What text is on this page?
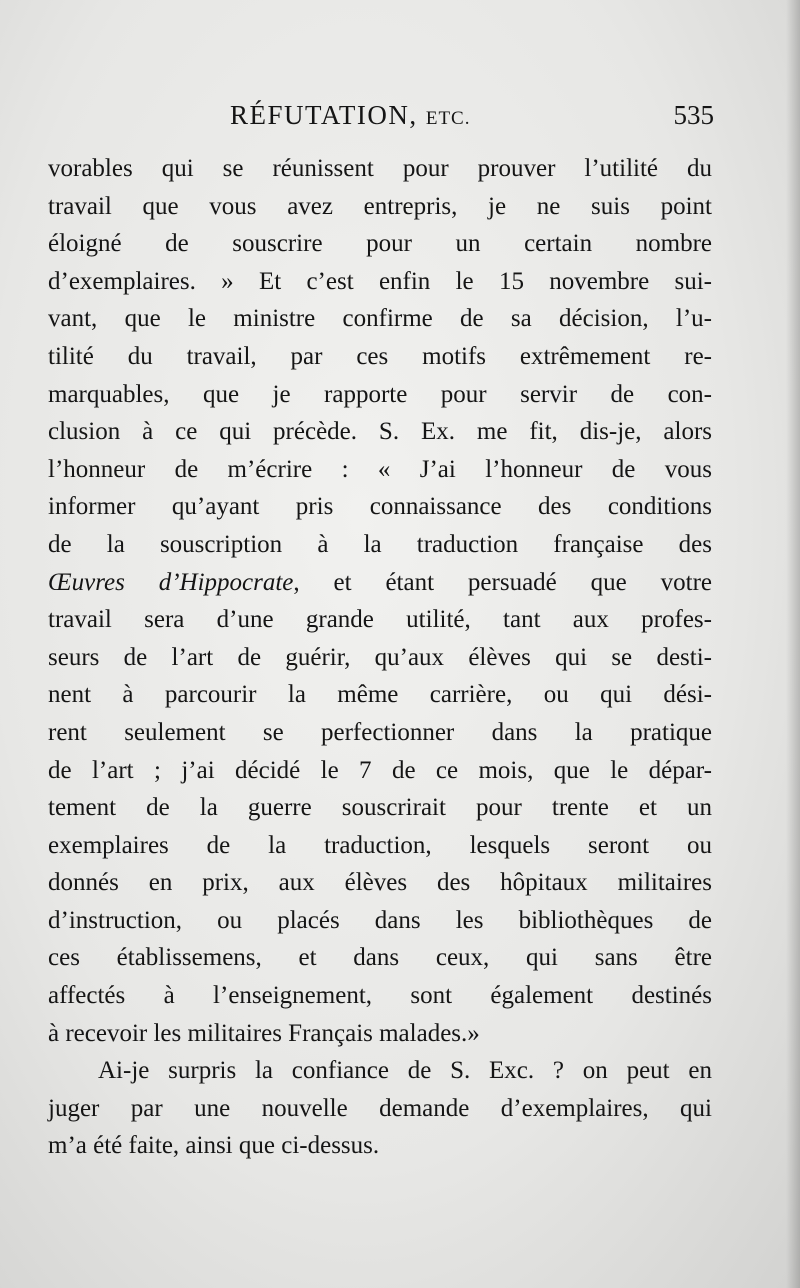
RÉFUTATION, ETC.	535
vorables qui se réunissent pour prouver l’utilité du
travail que vous avez entrepris, je ne suis point
éloigné de souscrire pour un certain nombre
d’exemplaires. » Et c’est enfin le 15 novembre sui-
vant, que le ministre confirme de sa décision, l’u-
tilité du travail, par ces motifs extrêmement re-
marquables, que je rapporte pour servir de con-
clusion à ce qui précède. S. Ex. me fit, dis-je, alors
l’honneur de m’écrire : « J’ai l’honneur de vous
informer qu’ayant pris connaissance des conditions
de la souscription à la traduction française des
Œuvres d’Hippocrate, et étant persuadé que votre
travail sera d’une grande utilité, tant aux profes-
seurs de l’art de guérir, qu’aux élèves qui se desti-
nent à parcourir la même carrière, ou qui dési-
rent seulement se perfectionner dans la pratique
de l’art ; j’ai décidé le 7 de ce mois, que le dépar-
tement de la guerre souscrirait pour trente et un
exemplaires de la traduction, lesquels seront ou
donnés en prix, aux élèves des hôpitaux militaires
d’instruction, ou placés dans les bibliothèques de
ces établissemens, et dans ceux, qui sans être
affectés à l’enseignement, sont également destinés
à recevoir les militaires Français malades.»
Ai-je surpris la confiance de S. Exc. ? on peut en
juger par une nouvelle demande d’exemplaires, qui
m’a été faite, ainsi que ci-dessus.
